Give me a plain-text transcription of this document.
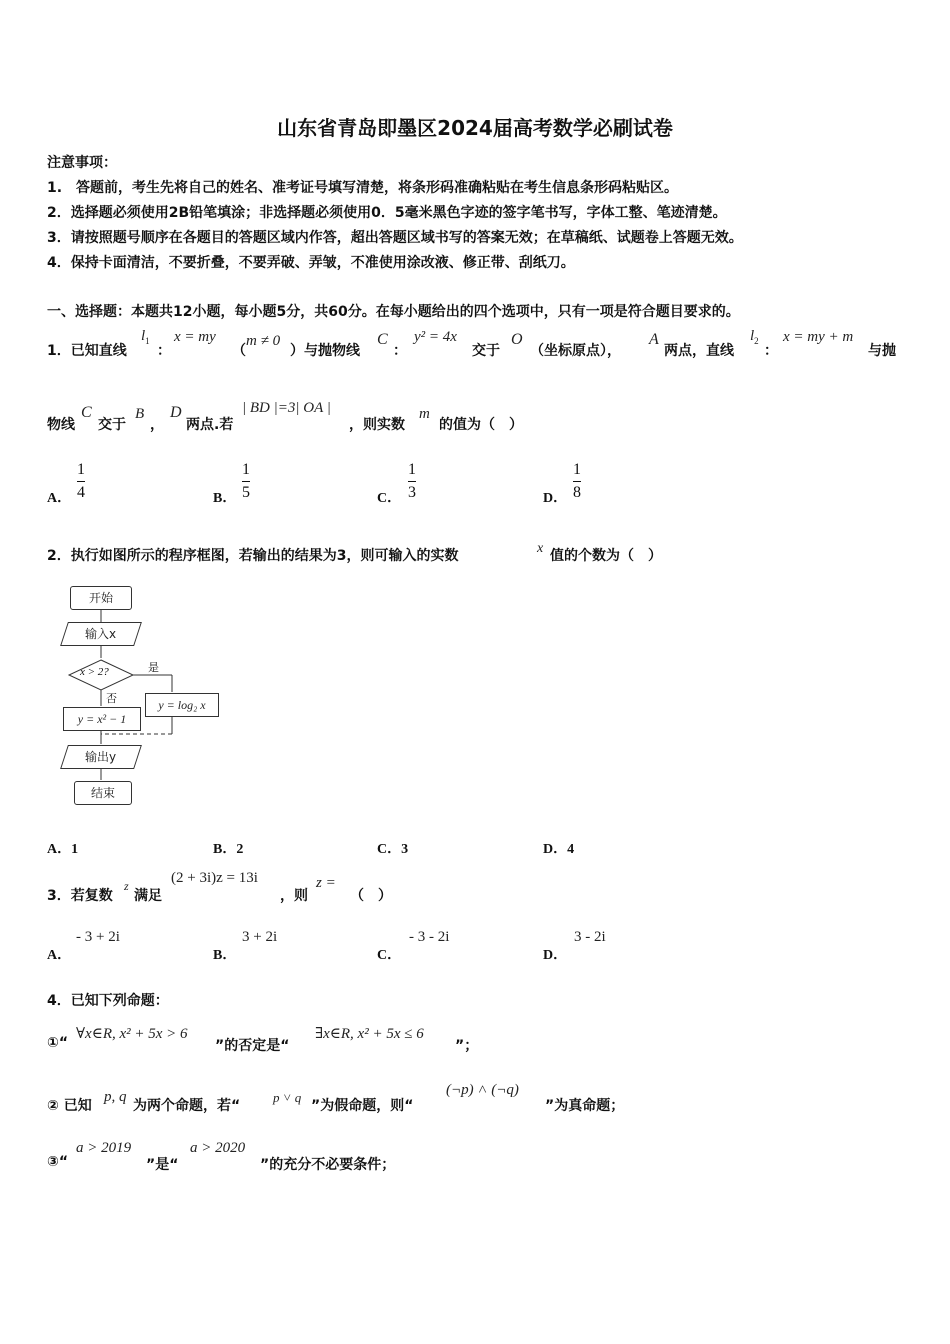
山东省青岛即墨区2024届高考数学必刷试卷
注意事项：
1.　答题前，考生先将自己的姓名、准考证号填写清楚，将条形码准确粘贴在考生信息条形码粘贴区。
2．选择题必须使用2B铅笔填涂；非选择题必须使用0．5毫米黑色字迹的签字笔书写，字体工整、笔迹清楚。
3．请按照题号顺序在各题目的答题区域内作答，超出答题区域书写的答案无效；在草稿纸、试题卷上答题无效。
4．保持卡面清洁，不要折叠，不要弄破、弄皱，不准使用涂改液、修正带、刮纸刀。
一、选择题：本题共12小题，每小题5分，共60分。在每小题给出的四个选项中，只有一项是符合题目要求的。
1．已知直线
$l_1$
：
x = my
（
m ≠ 0
）与抛物线
C
：
y² = 4x
交于
O
（坐标原点），
A
两点，直线
$l_2$
：
x = my + m
与抛
物线
C
交于
B
，
D
两点.若
| BD |=3| OA |
，则实数
m
的值为（　）
A．
1
4	B．
1
5	C．
1
3	D．
1
8
2．执行如图所示的程序框图，若输出的结果为3，则可输入的实数	x 值的个数为（　）
开始
输入x
x > 2?	是
否	y = log₂ x
y = x² − 1
输出y
结束
A．1	B．2	C．3	D．4
3．若复数
z
满足
(2 + 3i)z = 13i
，则
z =
（　）
A．
- 3 + 2i
B．
3 + 2i
C．
- 3 - 2i
D．
3 - 2i
4．已知下列命题：
①“
∀x∈R, x² + 5x > 6
”的否定是“
∃x∈R, x² + 5x ≤ 6
”；
② 已知
p, q
为两个命题，若“
p ˅ q
”为假命题，则“
(¬p) ˄ (¬q)
”为真命题；
③“
a > 2019
”是“
a > 2020
”的充分不必要条件；
